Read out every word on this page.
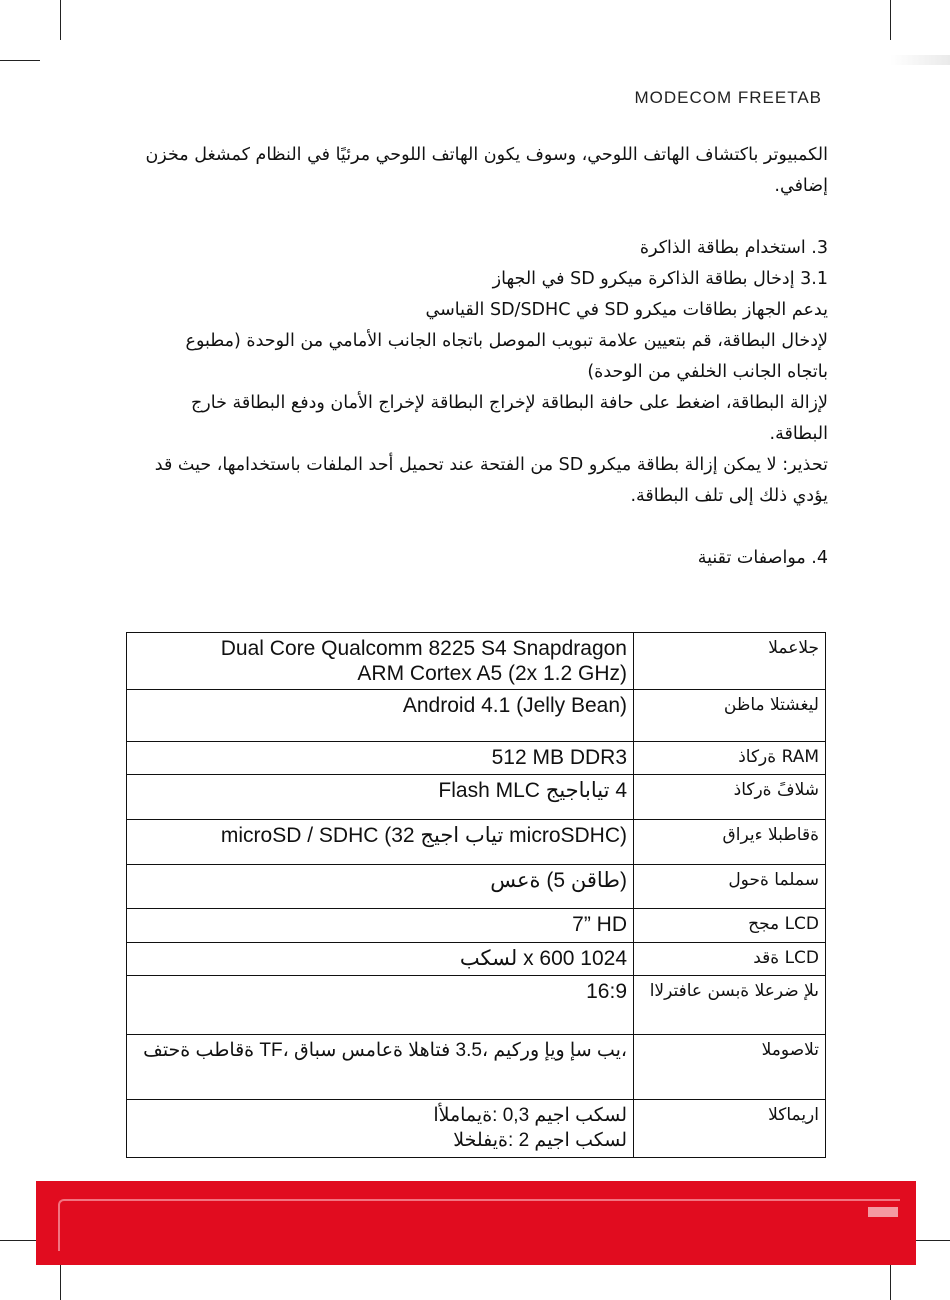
MODECOM FREETAB

الكمبيوتر باكتشاف الهاتف اللوحي، وسوف يكون الهاتف اللوحي مرئيًا في النظام كمشغل مخزن

إضافي.

3. استخدام بطاقة الذاكرة

3.1 إدخال بطاقة الذاكرة ميكرو SD في الجهاز

يدعم الجهاز بطاقات ميكرو SD في SD/SDHC القياسي

لإدخال البطاقة، قم بتعيين علامة تبويب الموصل باتجاه الجانب الأمامي من الوحدة (مطبوع

باتجاه الجانب الخلفي من الوحدة)

لإزالة البطاقة، اضغط على حافة البطاقة لإخراج البطاقة لإخراج الأمان ودفع البطاقة خارج

البطاقة.

تحذير: لا يمكن إزالة بطاقة ميكرو SD من الفتحة عند تحميل أحد الملفات باستخدامها، حيث قد

يؤدي ذلك إلى تلف البطاقة.

4. مواصفات تقنية

Dual Core Qualcomm 8225 S4 Snapdragon
ARM Cortex A5 (2x 1.2 GHz)	جلاعملا
Android 4.1 (Jelly Bean)	ليغشتلا ماظن
512 MB DDR3	RAM ةركاذ
4 تيابا‌جيج Flash MLC	شلافً ةركاذ
microSD / SDHC (32 تياب اجيج microSDHC)	ةقاطبلا ءيراق
(طاقن 5) ةعس	سملما ةحول
7” HD	LCD مجح
1024 x 600 لسكب	LCD ةقد
16:9	ىلإ ضرعلا ةبسن عافترلاا
،يب سإ ويإ وركيم ،3.5 فتاهلا ةعامس سباق ،TF ةقاطب ةحتف	تلاصوملا

لسكب اجيم 0,3 :ةيماملأا
لسكب اجيم 2 :ةيفلخلا	اريماكلا
